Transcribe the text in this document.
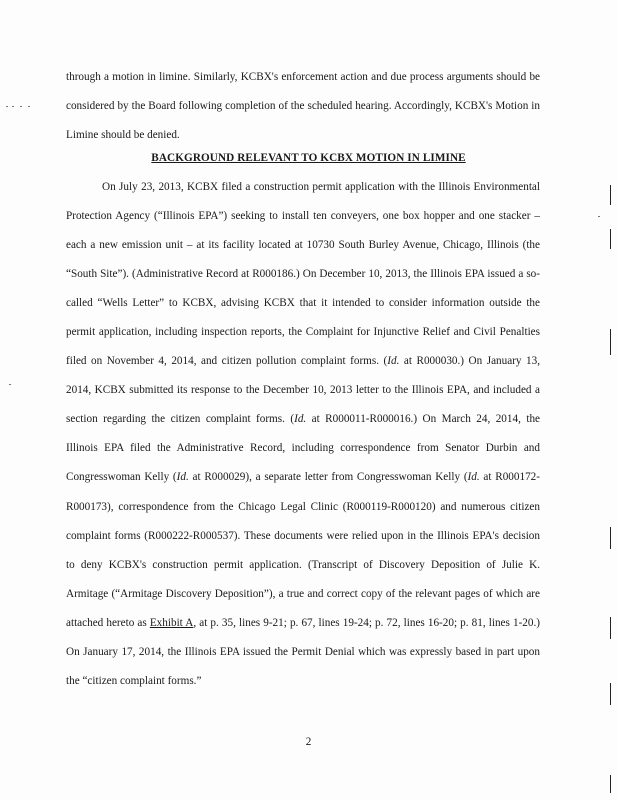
through a motion in limine. Similarly, KCBX's enforcement action and due process arguments should be considered by the Board following completion of the scheduled hearing. Accordingly, KCBX's Motion in Limine should be denied.

BACKGROUND RELEVANT TO KCBX MOTION IN LIMINE

On July 23, 2013, KCBX filed a construction permit application with the Illinois Environmental Protection Agency (“Illinois EPA”) seeking to install ten conveyers, one box hopper and one stacker – each a new emission unit – at its facility located at 10730 South Burley Avenue, Chicago, Illinois (the “South Site”). (Administrative Record at R000186.) On December 10, 2013, the Illinois EPA issued a so-called “Wells Letter” to KCBX, advising KCBX that it intended to consider information outside the permit application, including inspection reports, the Complaint for Injunctive Relief and Civil Penalties filed on November 4, 2014, and citizen pollution complaint forms. (Id. at R000030.) On January 13, 2014, KCBX submitted its response to the December 10, 2013 letter to the Illinois EPA, and included a section regarding the citizen complaint forms. (Id. at R000011-R000016.) On March 24, 2014, the Illinois EPA filed the Administrative Record, including correspondence from Senator Durbin and Congresswoman Kelly (Id. at R000029), a separate letter from Congresswoman Kelly (Id. at R000172-R000173), correspondence from the Chicago Legal Clinic (R000119-R000120) and numerous citizen complaint forms (R000222-R000537). These documents were relied upon in the Illinois EPA's decision to deny KCBX's construction permit application. (Transcript of Discovery Deposition of Julie K. Armitage (“Armitage Discovery Deposition”), a true and correct copy of the relevant pages of which are attached hereto as Exhibit A, at p. 35, lines 9-21; p. 67, lines 19-24; p. 72, lines 16-20; p. 81, lines 1-20.) On January 17, 2014, the Illinois EPA issued the Permit Denial which was expressly based in part upon the “citizen complaint forms.”

2
